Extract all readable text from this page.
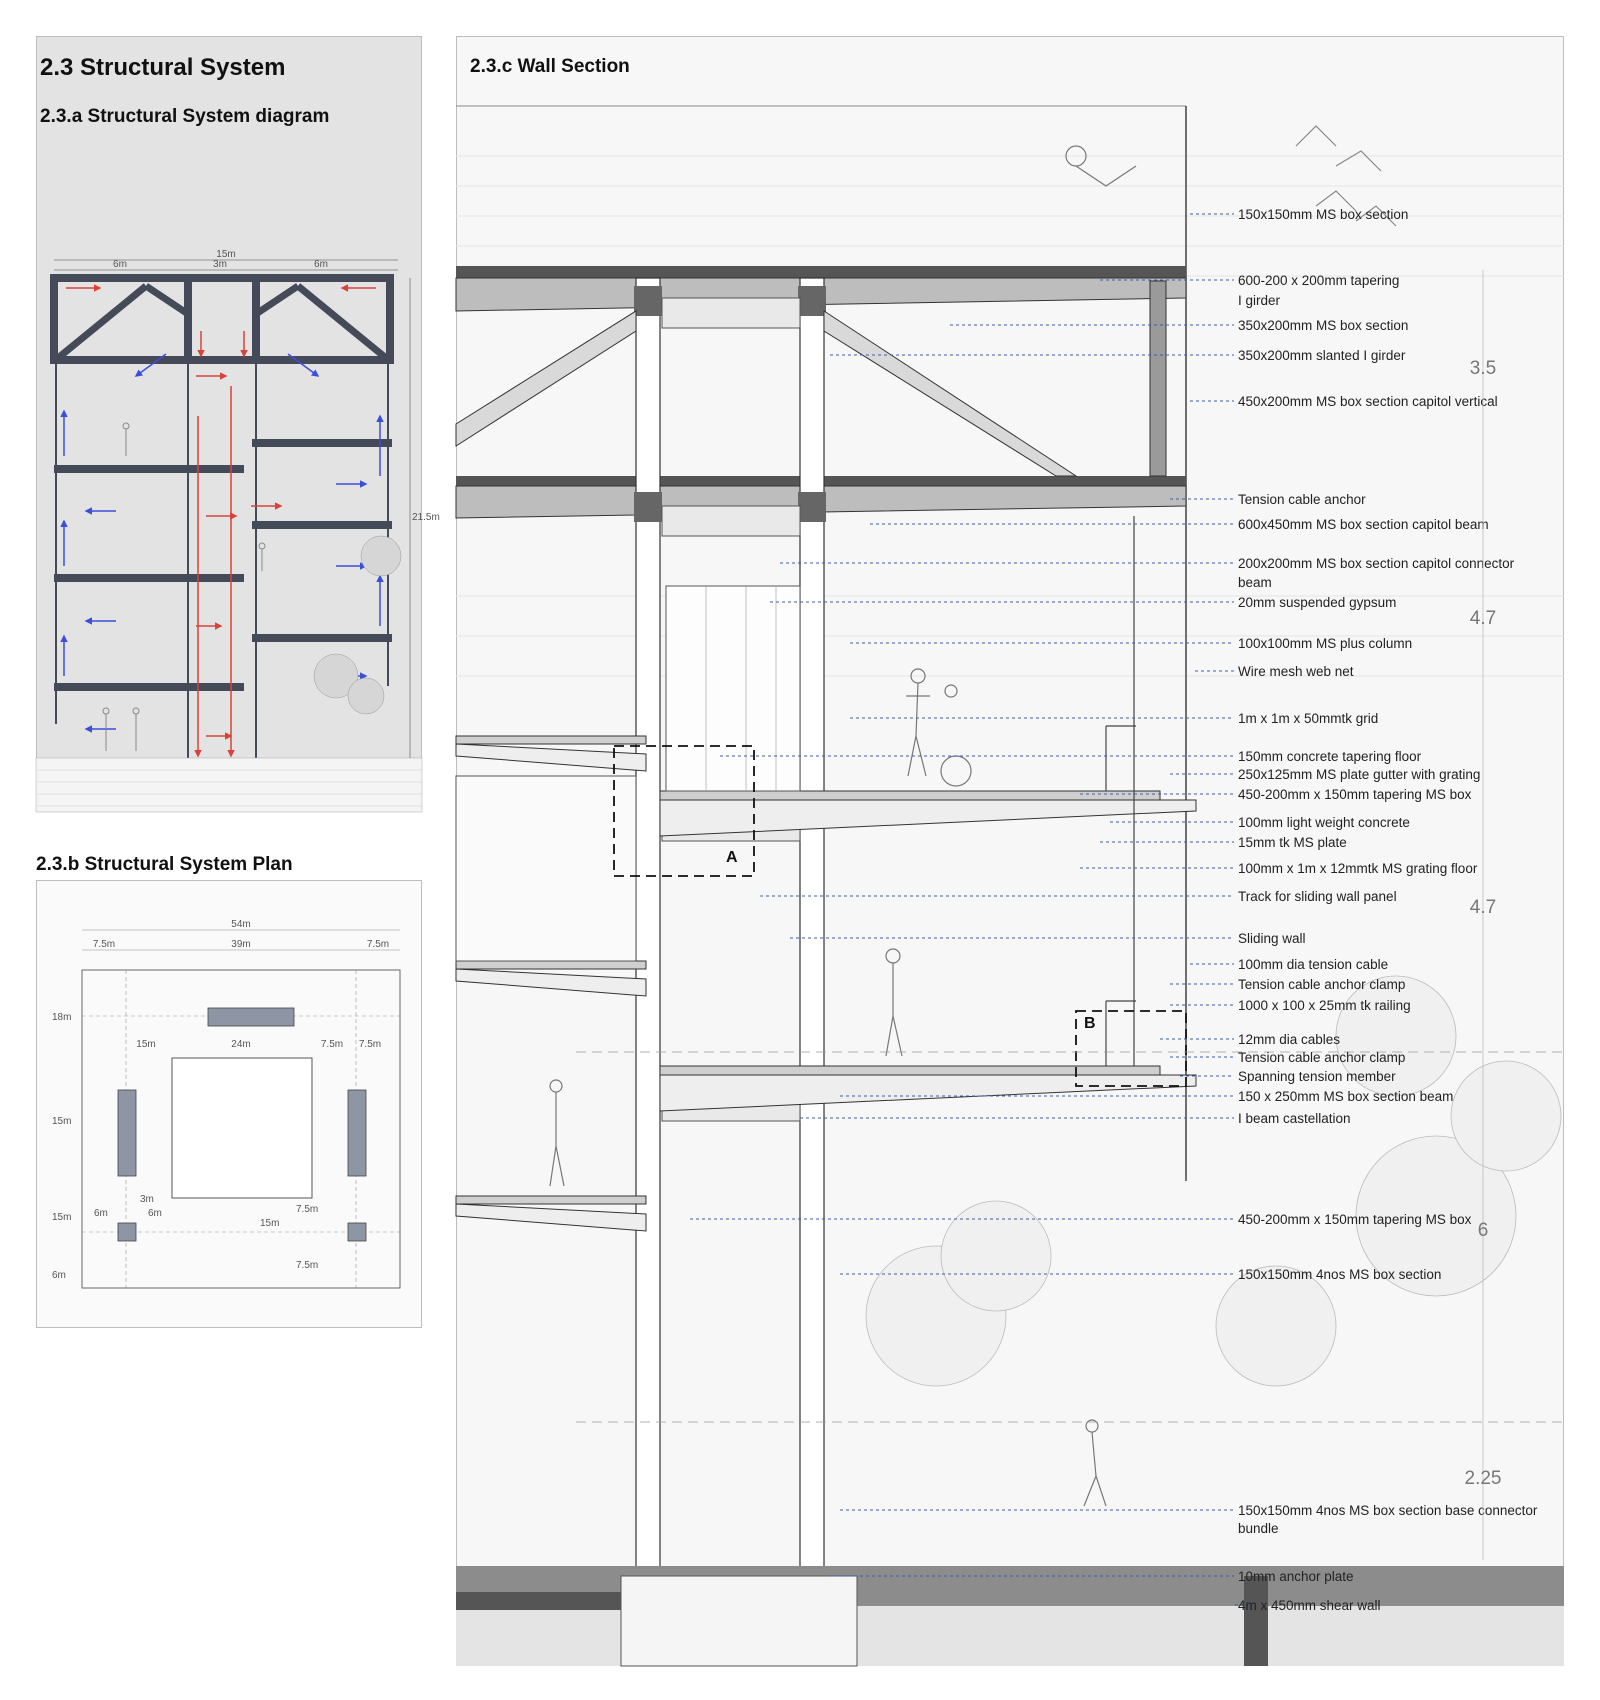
2.3 Structural System
2.3.a Structural System diagram
15m
6m	3m	6m
21.5m
2.3.b Structural System Plan
54m
7.5m	39m	7.5m
15m	24m	7.5m 7.5m
18m
15m
15m
6m
3m
6m	6m
15m
7.5m
7.5m
2.3.c Wall Section
A
B
150x150mm MS box section
600-200 x 200mm tapering
I girder
350x200mm MS box section
350x200mm slanted I girder
450x200mm MS box section capitol vertical
Tension cable anchor
600x450mm MS box section capitol beam
200x200mm MS box section capitol connector
beam
20mm suspended gypsum
100x100mm MS plus column
Wire mesh web net
1m x 1m x 50mmtk grid
150mm concrete tapering floor
250x125mm MS plate gutter with grating
450-200mm x 150mm tapering MS box
100mm light weight concrete
15mm tk MS plate
100mm x 1m x 12mmtk MS grating floor
Track for sliding wall panel
Sliding wall
100mm dia tension cable
Tension cable anchor clamp
1000 x 100 x 25mm tk railing
12mm dia cables
Tension cable anchor clamp
Spanning tension member
150 x 250mm MS box section beam
I beam castellation
450-200mm x 150mm tapering MS box
150x150mm 4nos MS box section
150x150mm 4nos MS box section base connector
bundle
10mm anchor plate
4m x 450mm shear wall
3.5
4.7
4.7
6
2.25
